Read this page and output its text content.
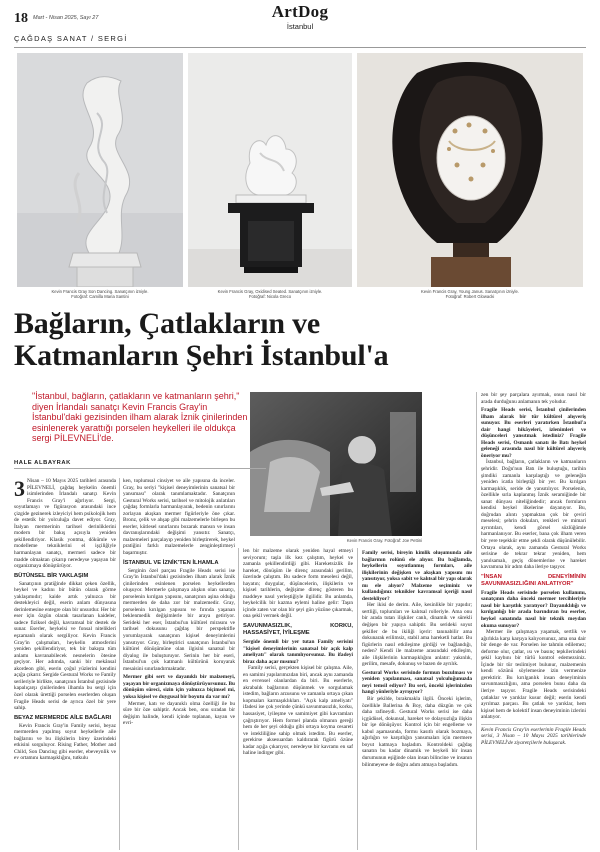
18 Mart - Nisan 2025, Sayı 27	ArtDog
İstanbul
ÇAĞDAŞ SANAT / SERGİ
Kevin Francis Gray Son Dancing. Sanatçının izniyle.
Fotoğraf: Camilla Maria Santini
Kevin Francis Gray, Oxidised Seated. Sanatçının izniyle.
Fotoğraf: Nicola Greco
Kevin Francis Gray, Young Janus. Sanatçının izniyle.
Fotoğraf: Robert Glowacki
Bağların, Çatlakların ve
Katmanların Şehri İstanbul'a
"İstanbul, bağların, çatlakların ve katmanların şehri," diyen İrlandalı sanatçı Kevin Francis Gray'in İstanbul'daki gezisinden ilham alarak İznik çinilerinden esinlenerek yarattığı porselen heykelleri ile oldukça sergi PİLEVNELİ'de.
Kevin Francis Gray. Fotoğraf: Joe Pettini
HALE ALBAYRAK

3 Nisan – 10 Mayıs 2025 tarihleri arasında PİLEVNELİ, çağdaş heykelin önemli isimlerinden İrlandalı sanatçı Kevin Francis Gray'i ağırlıyor. Sergi, soyutlamayı ve figürasyon arasındaki ince çizgide gezinerek izleyiciyi hem psikolojik hem de estetik bir yolculuğa davet ediyor. Gray, İtalyan mermerinin tarihsel derinliklerini modern bir bakış açısıyla yeniden şekillendiriyor. Klasik yontma, dökümle ve modelleme tekniklerini el işçiliğiyle harmanlayan sanatçı, mermeri sadece bir madde olmaktan çıkarıp neredeyse yaşayan bir organizmaya dönüştürüyor.

BÜTÜNSEL BİR YAKLAŞIM

Sanatçının pratiğinde dikkat çeken özellik, heykel ve kadını bir bütün olarak görme yaklaşımıdır; kaide artık yalnızca bir destekleyici değil, eserin anlam dünyasına derinlemesine entegre olan bir unsurdur. Her bir eser için özgün olarak tasarlanan kaideler, sadece fiziksel değil, kavramsal bir destek de sunar. Eserler, heykelsi ve fonsal nitelikleri eşzamanlı olarak sergiliyor. Kevin Francis Gray'in çalışmaları, heykelin atmosferini yeniden şekillendiriyor, tek bir bakışta tüm anlamı kavranabilecek nesnelerin ötesine geçiyor. Her adımda, sanki bir mekânsal akordeon gibi, eserin çoğul yüzlerini kendini açığa çıkarır. Sergide Gestural Works ve Family serileriyle birlikte, sanatçının İstanbul gezisinde kapalıçarşı çinilerinden ilhamla bu sergi için özel olarak ürettiği porselen eserlerden oluşan Fragile Heads serisi de ayrıca özel bir yere sahip.

BEYAZ MERMERDE AİLE BAĞLARI

Kevin Francis Gray'in Family serisi, beyaz mermerden yapılmış soyut heykellerle aile bağlarını ve bu ilişkilerin birey üzerindeki etkisini sorguluyor. Rising Father, Mother and Child, Son Dancing gibi eserler, ebeveynlik ve ev ortamını karmaşıklığını, tutkulu

ken, toplumsal cinsiyet ve aile yapısına da inceler. Gray, bu seriyi "kişisel deneyimlerinin sanatsal bir yansıması" olarak tanımlamaktadır. Sanatçının Gestural Works serisi, tarihsel ve mitolojik anlatıları çağdaş formlarla harmanlayarak, bedenin sınırlarını zorlayan akışkan mermer figürleriyle öne çıkar. Bronz, çelik ve ahşap gibi malzemelerle birleşen bu eserler, kütlesel sınırlarını bozarak mansın ve insan davranışlarındaki değişimi yansıtır. Sanatçı, malzemeleri parçalayıp yeniden birleştirerek, heykel pratiğini farklı malzemelerle zenginleştirmeyi başarmıştır.

İSTANBUL VE İZNİK'TEN İLHAMLA

Serginin özel parçası Fragile Heads serisi ise Gray'in İstanbul'daki gezisinden ilham alarak İznik çinilerinden esinlenen porselen heykellerden oluşuyor. Mermerle çalışmaya alışkın olan sanatçı, porselenin kırılgan yapısını, sanatçının aşina olduğu mermerden de daha zor bir malzemedir. Gray, porselenin kırılgan yapısını ve fırında yaşanan beklenmedik değişimlerle bir araya getiriyor. Serideki her eser, İstanbul'un kültürel mirasını ve tarihsel dokusunu çağdaş bir perspektifle yorumlayarak sanatçının kişisel deneyimlerini yansıtıyor. Gray, birleştirici sanatçının İstanbul'un kültürel dönüşümüne olan ilgisini sanatsal bir diyalog ile buluşturuyor. Serinin her bir eseri, İstanbul'un çok katmanlı kültürünü koruyarak mesaisini sınırlandırmaktadır.

Mermer gibi sert ve dayanıklı bir malzemeyi, yaşayan bir organizmaya dönüştürüyorsunuz. Bu dönüşüm süreci, sizin için yalnızca biçimsel mi, yoksa kişisel ve duygusal bir boyutu da var mı?

Mermer, katı ve dayanıklı olma özelliği ile bu süre bir öze sahiptir. Ancak ben, onu sıradan bir değişim halinde, kendi içinde toplanan, kayan ve evri-

len bir malzeme olarak yeniden hayal etmeyi seviyorum; taşla ilk kez çalıştım, heykel ve zamanla şekillendirdiği gibi. Hareketsizlik ile hareket, dönüşüm ile direnç arasındaki gerilim, üzerinde çalıştım. Bu sadece form meselesi değil, hayatın; duygular, düşüncelerin, ilişkilerin ve kişisel tarihlerin, değişime direnç gösteren bu maddeye nasıl yerleştiğiyle ilgilidir. Bu anlamda, heykelcilik bir kazma eylemi haline gelir: Taşın içinde zaten var olan bir şeyi gün yüzüne çıkarmak, ona şekil vermek değil.

SAVUNMASIZLIK, KORKU, HASSASİYET, İYİLEŞME

Sergide önemli bir yer tutan Family serisini "kişisel deneyimlerinin sanatsal bir açık kalp ameliyatı" olarak tanımlıyorsunuz. Bu ifadeyi biraz daha açar mısınız?

Family serisi, gerçekten kişisel bir çalışma. Aile, en samimi yapılarımızdan biri, ancak aynı zamanda en evrensel olanlardan da biri. Bu eserlerle, akrabalık bağlarının düşünmek ve sorgulamak istedim, bağların arzusunu ve zamanla ortaya çıkan kopmaları karmaşıklıkları. "Açık kalp ameliyatı" ifadesi ise çok yerinde çünkü savunmasızlık, korku, hassasiyet, iyileşme ve samimiyet gibi kavramları çağrıştırıyor. Hem formel planda olmanın gereği hem de her şeyi olduğu gibi ortaya koyma cesareti ve istekliliğine sahip olmak istedim. Bu eserler, gerekirse aksesuardan kaldırarak figürü özüne kadar açığa çıkarıyor, neredeyse bir kavramı en saf haline indirger gibi.

Family serisi, bireyin kimlik oluşumunda aile bağlarının rolünü ele alıyor. Bu bağlamda, heykellerin soyutlanmış formları, aile ilişkilerinin değişken ve akışkan yapısını mı yansıtıyor, yoksa sabit ve kalıtsal bir yapı olarak mı ele alıyor? Malzeme seçiminiz ve kullandığınız teknikler kavramsal içeriği nasıl destekliyor?

Her ikisi de derim. Aile, kesinlikle bir yapıdır; sertliği, toplumları ve kalıtsal rolleriyle. Ama onu bir arada tutan ilişkiler canlı, dinamik ve sürekli değişen bir yapıya sahiptir. Bu serideki soyut şekiller de bu ikiliği içerir: tanınabilir ama dokunarak erilimsiz, stabil ama hareketli hatlar. Bu figürlerin nasıl etkileşime girdiği ve bağlandığı, neden? Kendi ile malzeme arasındaki etkileşim, aile ilişkilerinin karmaşıklığını anlatır: yakınlık, gerilim, mesafe, dokunuş ve bazen de ayrılık.

Gestural Works serisinde formun bozulması ve yeniden yapılanması, sanatsal yolculuğunuzda neyi temsil ediyor? Bu seri, önceki işlerinizden hangi yönleriyle ayrışıyor?

Bir şekilde, bırakmakla ilgili. Önceki işlerim, özellikle Ballerina & Boy, daha düzgün ve çok daha rafineydi. Gestural Works serisi ise daha içgüdüsel, dokunsal, hareket ve dolaysızlığa ilişkin bir işe dönüşüyor. Kontrol için bir engelleme ve kabul aşamasında, formu kasıtlı olarak bozmaya, ağırlığın ve karşıtlığın yansımaları için mermere boyut katmaya başladım. Kontroldeki çağdaş sanatın bu kadar dinamik ve heykeli bir insan durumunun eşiğinde olan insan bilincine ve insanın bilinmeyene de doğru adım atmaya başladım.

zen bir şey parçalara ayırmak, onun nasıl bir arada durduğunu anlamanın tek yoludur.

Fragile Heads serisi, İstanbul çinilerinden ilham alarak bir tür kültürel alışveriş sunuyor. Bu eserleri yaratırken İstanbul'a dair hangi hikâyeleri, izlenimleri ve düşünceleri yansıtmak istediniz? Fragile Heads serisi, Osmanlı sanatı ile Batı heykel geleneği arasında nasıl bir kültürel alışveriş öneriyor mu?

İstanbul, bağların, çatlakların ve katmanların şehridir. Doğu'nun Batı ile buluştuğu, tarihin şimdiki zamanla karşılaştığı ve geleneğin yeniden icatla birleştiği bir yer. Bu kırılgan karmaşıklık, seride de yansıtılıyor. Porselenin, özellikle sırla kaplanmış İznik seramiğinde bir sanat dünyası niteliğindedir; ancak formların kendisi heykel ilkelerine dayanıyor. Bu, doğrudan alıntı yapmaktan çok bir çeviri meselesi; şehrin dokuları, renkleri ve mimari ayrıntıları, kendi görsel sözlüğümle harmanlanıyor. Bu eserler, bana çok ilham veren bir yere teşekkür etme şekli olarak düşünülebilir. Ortaya olarak, aynı zamanda Gestural Works serisine de tekrar tekrar yeniden, hem yanılsamalı, geçiş dönemlerine ve hareket kavramına bir adım daha ileriye taşıyor.

"İNSAN DENEYİMİNİN SAVUNMASIZLIĞINI ANLATIYOR"

Fragile Heads serisinde porselen kullanımı, sanatçının daha önceki mermer tercihleriyle nasıl bir karşıtlık yaratıyor? Dayanıklılığı ve kırılganlığı bir arada barındıran bu eserler, heykel sanatında nasıl bir teknik meydan okuma sunuyor?

Mermer ile çalışmaya yaşamak, sertlik ve ağırlıkla karşı karşıya kalıyorsunuz, ama ona dair bir denge de var. Porselen ise tahmin edilemez; deforme olur, çatlar, ısı ve basınç tepkilerindeki şekil kaybını bir türlü kontrol edemezsiniz. İçinde bir tür teslimiyet bulunur, malzemenin kendi sözünü söylemesine izin vermenize gerektirir. Bu kırılganlık insan deneyiminin savunmasızlığını, ama porselen bunu daha da ileriye taşıyor. Fragile Heads serisindeki çatlaklar ve yarıklar kusur değil; eserin kendi ayrılmaz parçası. Bu çatlak ve yarıklar, hem kişisel hem de kolektif insan deneyiminin izlerini anlatıyor.

Kevin Francis Gray'in eserlerinin Fragile Heads serisi, 3 Nisan – 10 Mayıs 2025 tarihlerinde PİLEVNELİ'de ziyaretçilerle buluşacak.
